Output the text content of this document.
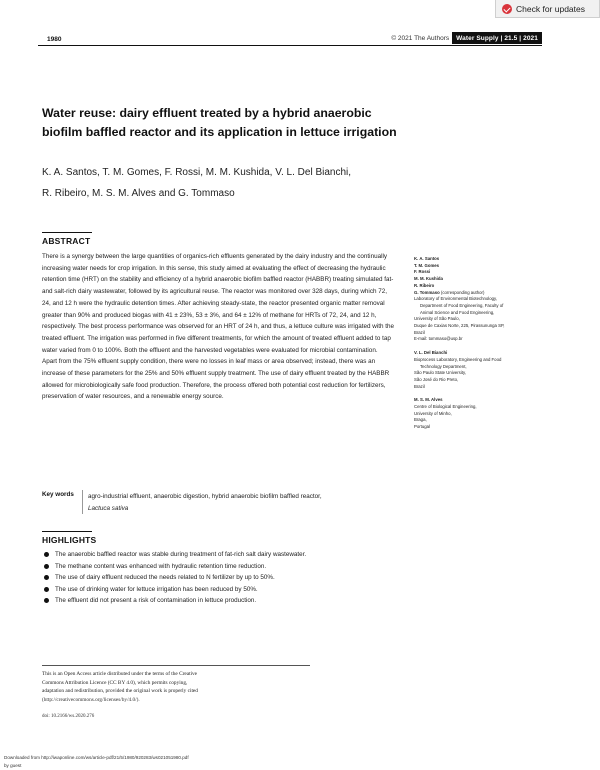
Check for updates
1980	© 2021 The Authors	Water Supply | 21.5 | 2021
Water reuse: dairy effluent treated by a hybrid anaerobic biofilm baffled reactor and its application in lettuce irrigation
K. A. Santos, T. M. Gomes, F. Rossi, M. M. Kushida, V. L. Del Bianchi,
R. Ribeiro, M. S. M. Alves and G. Tommaso
ABSTRACT

There is a synergy between the large quantities of organics-rich effluents generated by the dairy industry and the continually increasing water needs for crop irrigation. In this sense, this study aimed at evaluating the effect of decreasing the hydraulic retention time (HRT) on the stability and efficiency of a hybrid anaerobic biofilm baffled reactor (HABBR) treating simulated fat- and salt-rich dairy wastewater, followed by its agricultural reuse. The reactor was monitored over 328 days, during which 72, 24, and 12 h were the hydraulic detention times. After achieving steady-state, the reactor presented organic matter removal greater than 90% and produced biogas with 41 ± 23%, 53 ± 3%, and 64 ± 12% of methane for HRTs of 72, 24, and 12 h, respectively. The best process performance was observed for an HRT of 24 h, and thus, a lettuce culture was irrigated with the treated effluent. The irrigation was performed in five different treatments, for which the amount of treated effluent added to tap water varied from 0 to 100%. Both the effluent and the harvested vegetables were evaluated for microbial contamination. Apart from the 75% effluent supply condition, there were no losses in leaf mass or area observed; instead, there was an increase of these parameters for the 25% and 50% effluent supply treatment. The use of dairy effluent treated by the HABBR allowed for microbiologically safe food production. Therefore, the process offered both potential cost reduction for fertilizers, preservation of water resources, and a renewable energy source.

Key words agro-industrial effluent, anaerobic digestion, hybrid anaerobic biofilm baffled reactor,
Lactuca sativa
HIGHLIGHTS
The anaerobic baffled reactor was stable during treatment of fat-rich salt dairy wastewater.
The methane content was enhanced with hydraulic retention time reduction.
The use of dairy effluent reduced the needs related to N fertilizer by up to 50%.
The use of drinking water for lettuce irrigation has been reduced by 50%.
The effluent did not present a risk of contamination in lettuce production.
K. A. Santos
T. M. Gomes
F. Rossi
M. M. Kushida
R. Ribeiro
G. Tommaso (corresponding author)
Laboratory of Environmental Biotechnology,
Department of Food Engineering, Faculty of
Animal Science and Food Engineering,
University of São Paulo,
Duque de Caxias Norte, 225, Pirassununga SP,
Brazil
E-mail: tommaso@usp.br
V. L. Del Bianchi
Bioprocess Laboratory, Engineering and Food
Technology Department,
São Paulo State University,
São José do Rio Preto,
Brazil
M. S. M. Alves
Centre of Biological Engineering,
University of Minho,
Braga,
Portugal
This is an Open Access article distributed under the terms of the Creative
Commons Attribution Licence (CC BY 4.0), which permits copying,
adaptation and redistribution, provided the original work is properly cited
(http://creativecommons.org/licenses/by/4.0/).
doi: 10.2166/ws.2020.276
Downloaded from http://iwaponline.com/ws/article-pdf/21/5/1980/920283/ws021051980.pdf
by guest
